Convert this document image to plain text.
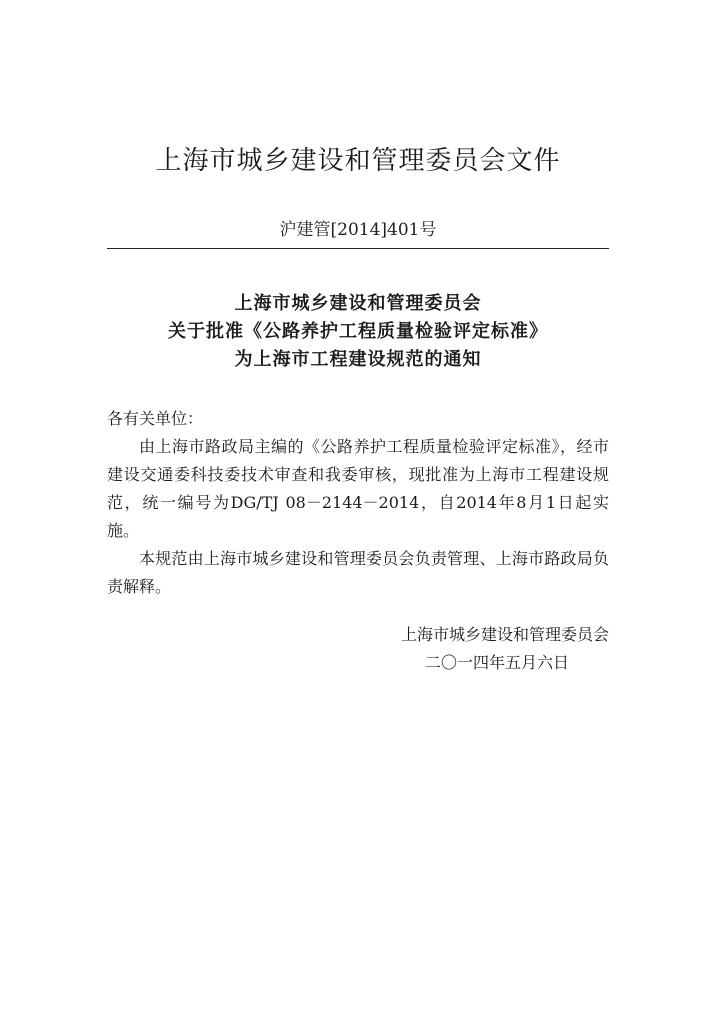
上海市城乡建设和管理委员会文件
沪建管[2014]401号
上海市城乡建设和管理委员会
关于批准《公路养护工程质量检验评定标准》
为上海市工程建设规范的通知

各有关单位：

由上海市路政局主编的《公路养护工程质量检验评定标准》，经市建设交通委科技委技术审查和我委审核，现批准为上海市工程建设规范，统一编号为DG/TJ 08－2144－2014，自2014年8月1日起实施。

本规范由上海市城乡建设和管理委员会负责管理、上海市路政局负责解释。

上海市城乡建设和管理委员会
二〇一四年五月六日
